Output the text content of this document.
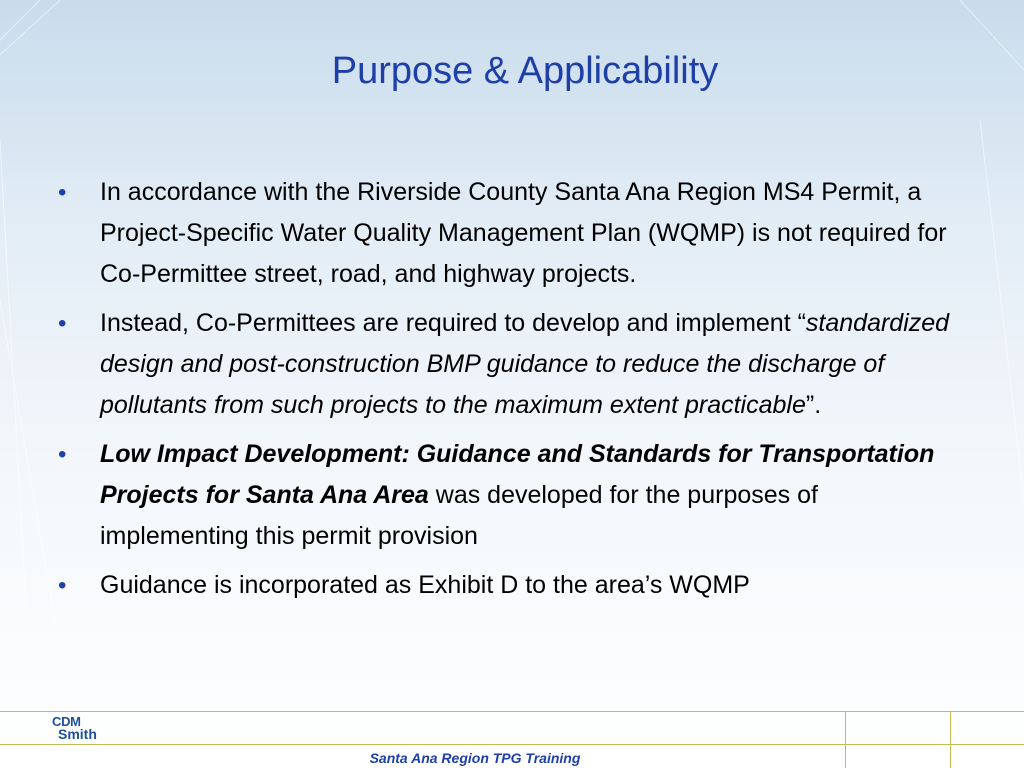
Purpose & Applicability
• In accordance with the Riverside County Santa Ana Region MS4 Permit, a Project-Specific Water Quality Management Plan (WQMP) is not required for Co-Permittee street, road, and highway projects.
• Instead, Co-Permittees are required to develop and implement “standardized design and post-construction BMP guidance to reduce the discharge of pollutants from such projects to the maximum extent practicable”.
• Low Impact Development: Guidance and Standards for Transportation Projects for Santa Ana Area was developed for the purposes of implementing this permit provision
• Guidance is incorporated as Exhibit D to the area’s WQMP
CDM
Smith
Santa Ana Region TPG Training
